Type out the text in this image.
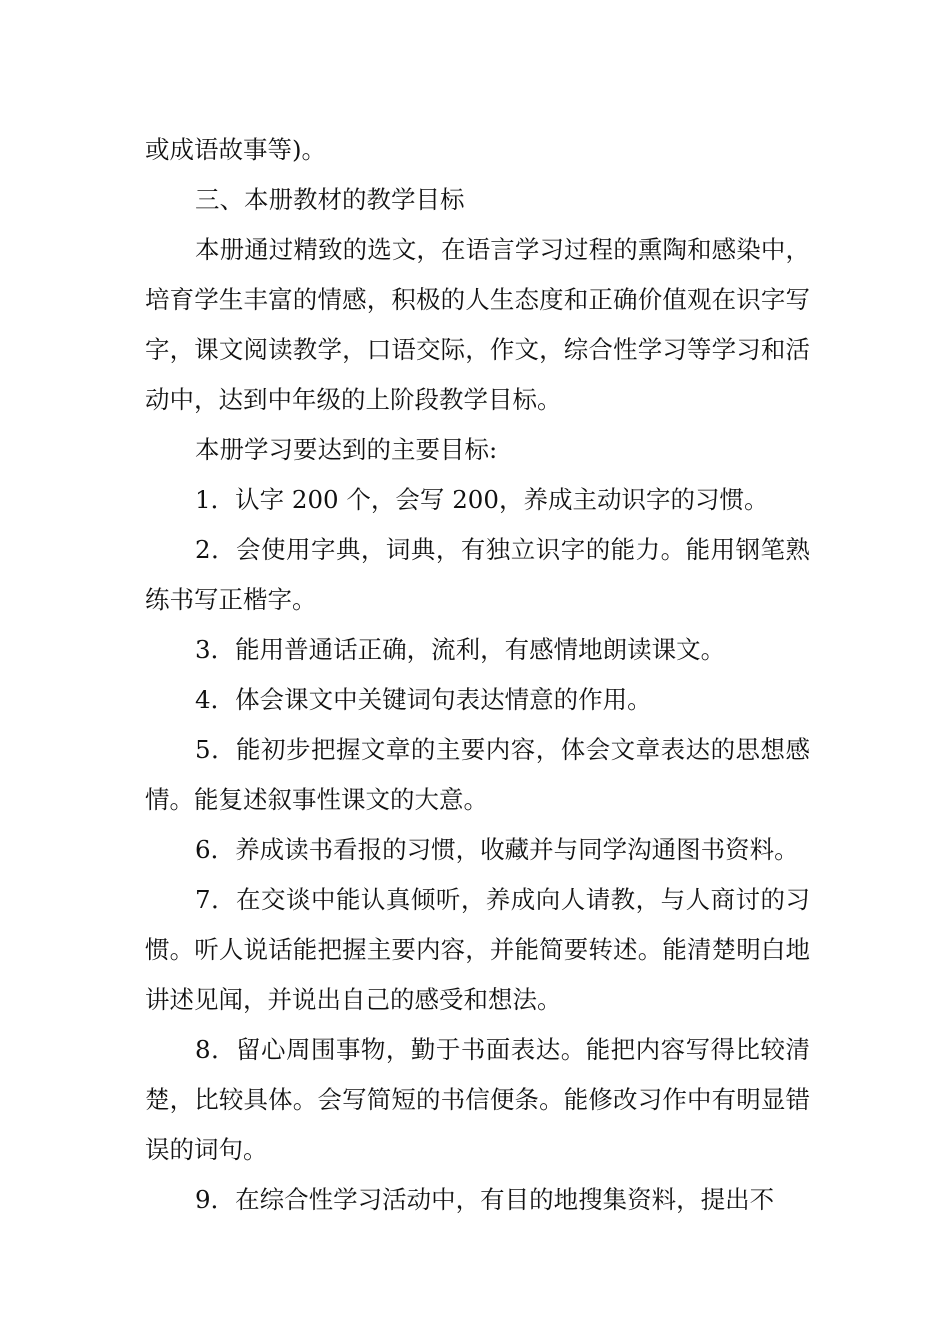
或成语故事等)。

三、本册教材的教学目标

本册通过精致的选文，在语言学习过程的熏陶和感染中，培育学生丰富的情感，积极的人生态度和正确价值观在识字写字，课文阅读教学，口语交际，作文，综合性学习等学习和活动中，达到中年级的上阶段教学目标。

本册学习要达到的主要目标:

1．认字 200 个，会写 200，养成主动识字的习惯。

2．会使用字典，词典，有独立识字的能力。能用钢笔熟练书写正楷字。

3．能用普通话正确，流利，有感情地朗读课文。

4．体会课文中关键词句表达情意的作用。

5．能初步把握文章的主要内容，体会文章表达的思想感情。能复述叙事性课文的大意。

6．养成读书看报的习惯，收藏并与同学沟通图书资料。

7．在交谈中能认真倾听，养成向人请教，与人商讨的习惯。听人说话能把握主要内容，并能简要转述。能清楚明白地讲述见闻，并说出自己的感受和想法。

8．留心周围事物，勤于书面表达。能把内容写得比较清楚，比较具体。会写简短的书信便条。能修改习作中有明显错误的词句。

9．在综合性学习活动中，有目的地搜集资料，提出不
